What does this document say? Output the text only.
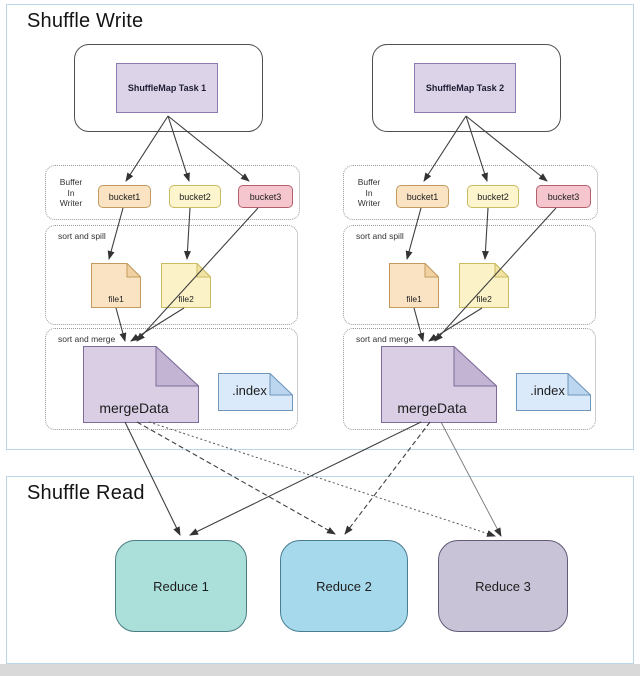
Shuffle Write
Shuffle Read
ShuffleMap Task 1
Buffer
In
Writer
bucket1	bucket2	bucket3
sort and spill
file1	file2
sort and merge
mergeData
.index
ShuffleMap Task 2
Buffer
In
Writer
bucket1	bucket2	bucket3
sort and spill
file1	file2
sort and merge
mergeData
.index
Reduce 1	Reduce 2	Reduce 3
